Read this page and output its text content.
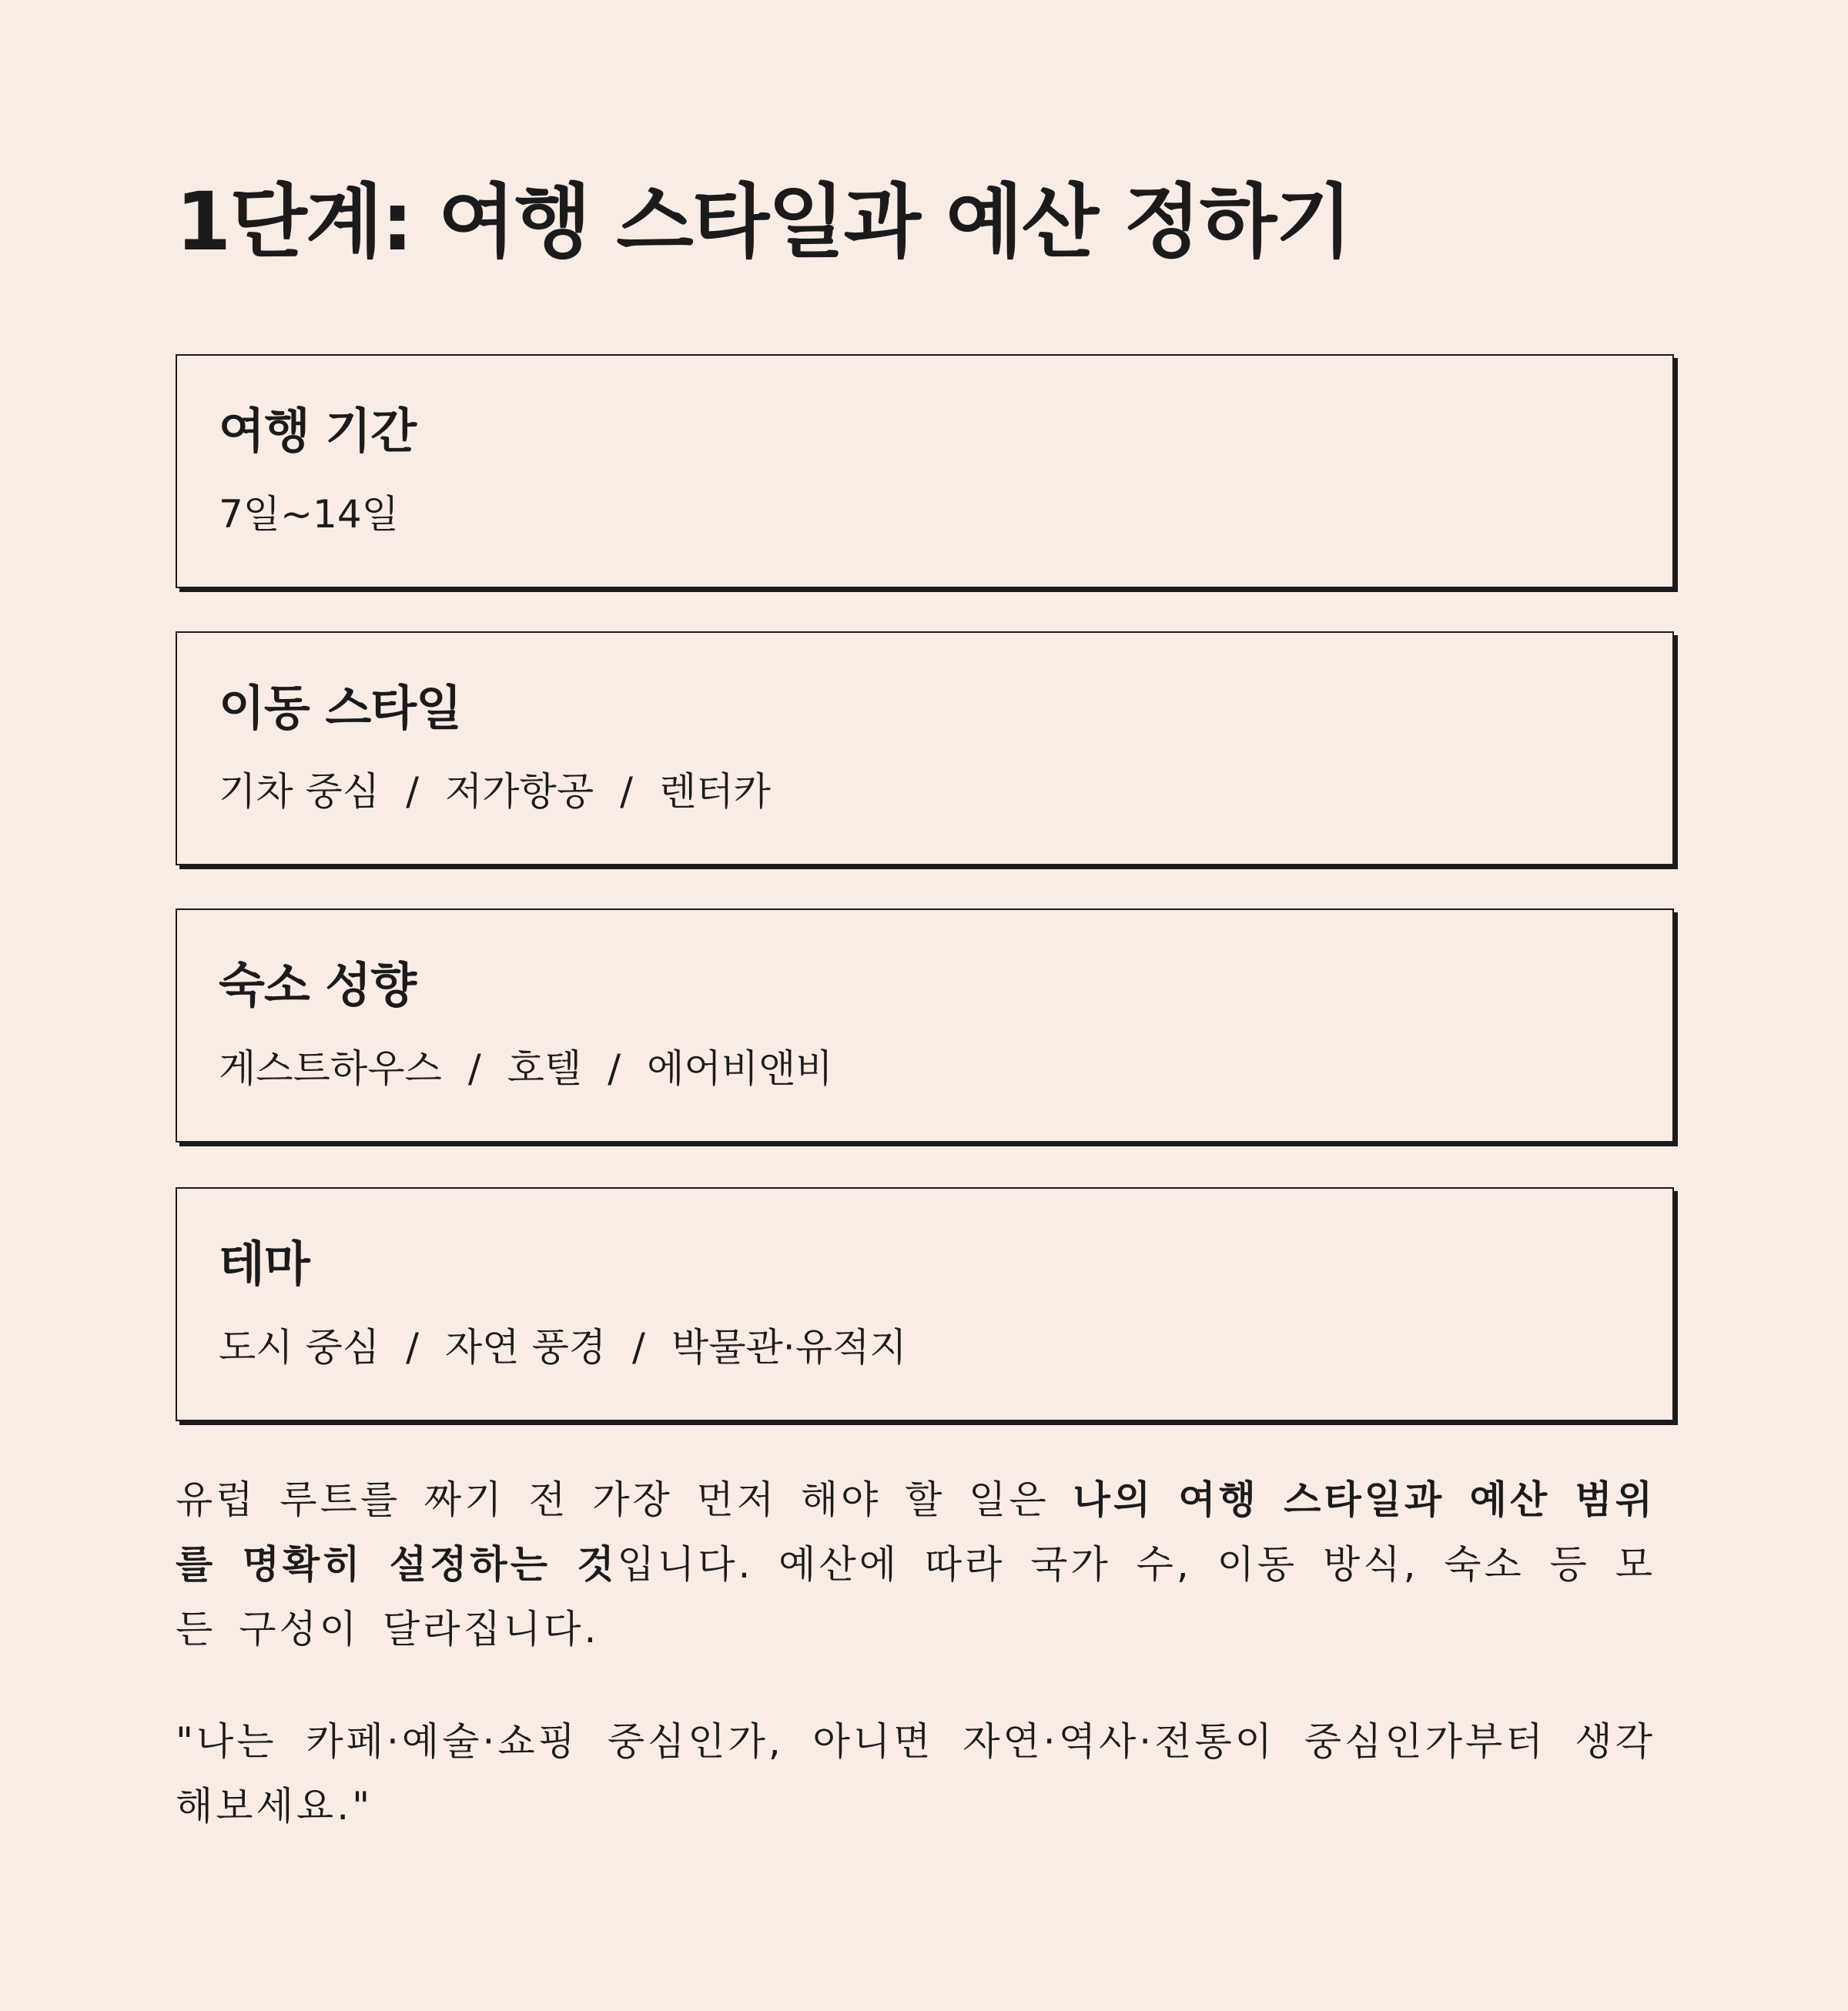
1단계: 여행 스타일과 예산 정하기
여행 기간
7일~14일
이동 스타일
기차 중심 / 저가항공 / 렌터카
숙소 성향
게스트하우스 / 호텔 / 에어비앤비
테마
도시 중심 / 자연 풍경 / 박물관·유적지

유럽 루트를 짜기 전 가장 먼저 해야 할 일은 나의 여행 스타일과 예산 범위를 명확히 설정하는 것입니다. 예산에 따라 국가 수, 이동 방식, 숙소 등 모든 구성이 달라집니다.

"나는 카페·예술·쇼핑 중심인가, 아니면 자연·역사·전통이 중심인가부터 생각해보세요."
